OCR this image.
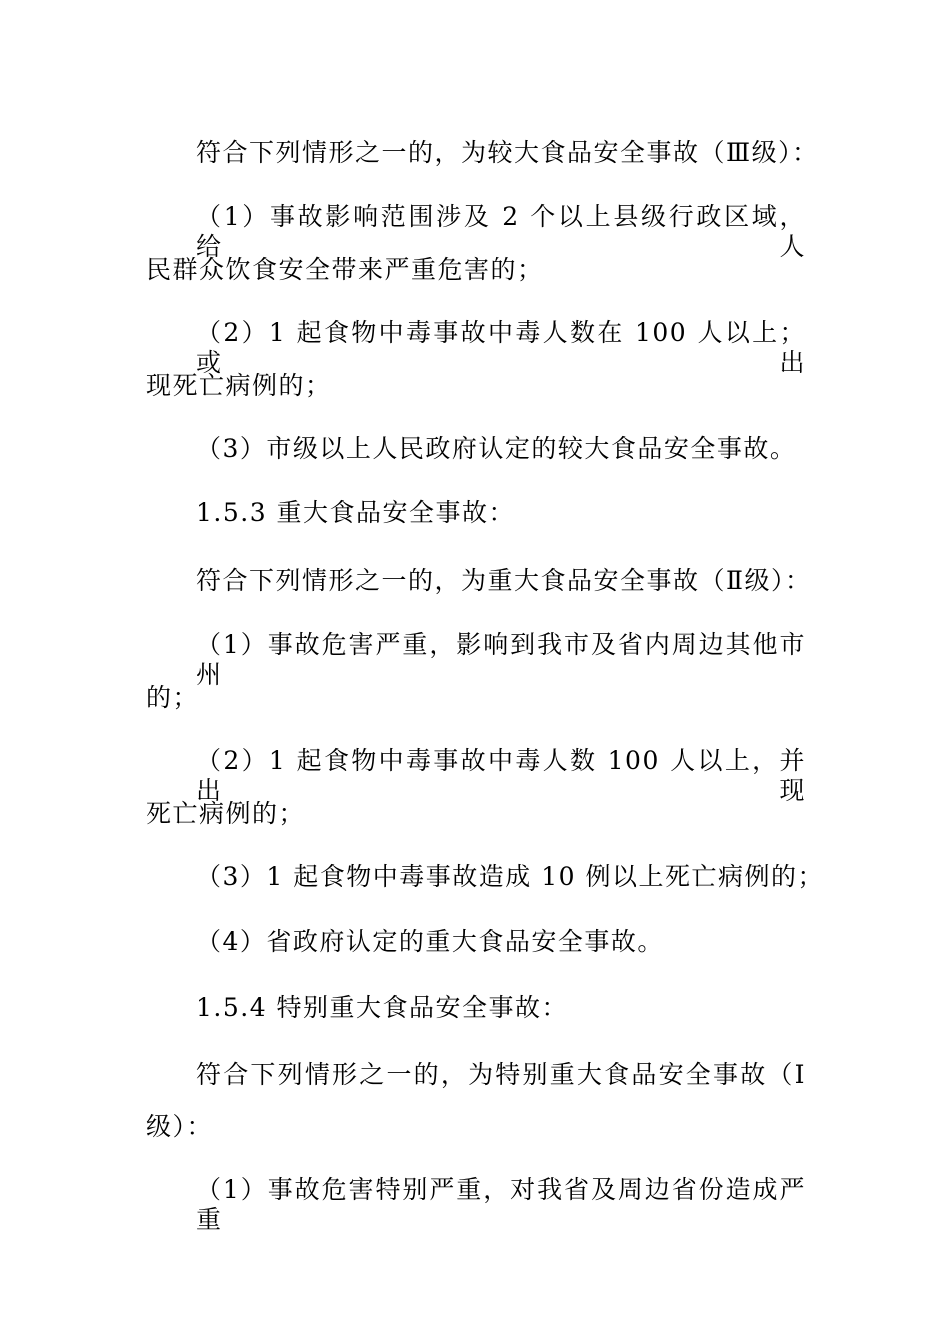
符合下列情形之一的，为较大食品安全事故（Ⅲ级）：
（1）事故影响范围涉及 2 个以上县级行政区域，给人
民群众饮食安全带来严重危害的；
（2）1 起食物中毒事故中毒人数在 100 人以上；或出
现死亡病例的；
（3）市级以上人民政府认定的较大食品安全事故。
1.5.3 重大食品安全事故：
符合下列情形之一的，为重大食品安全事故（Ⅱ级）：
（1）事故危害严重，影响到我市及省内周边其他市州
的；
（2）1 起食物中毒事故中毒人数 100 人以上，并出现
死亡病例的；
（3）1 起食物中毒事故造成 10 例以上死亡病例的；
（4）省政府认定的重大食品安全事故。
1.5.4 特别重大食品安全事故：
符合下列情形之一的，为特别重大食品安全事故（Ⅰ
级）：
（1）事故危害特别严重，对我省及周边省份造成严重
